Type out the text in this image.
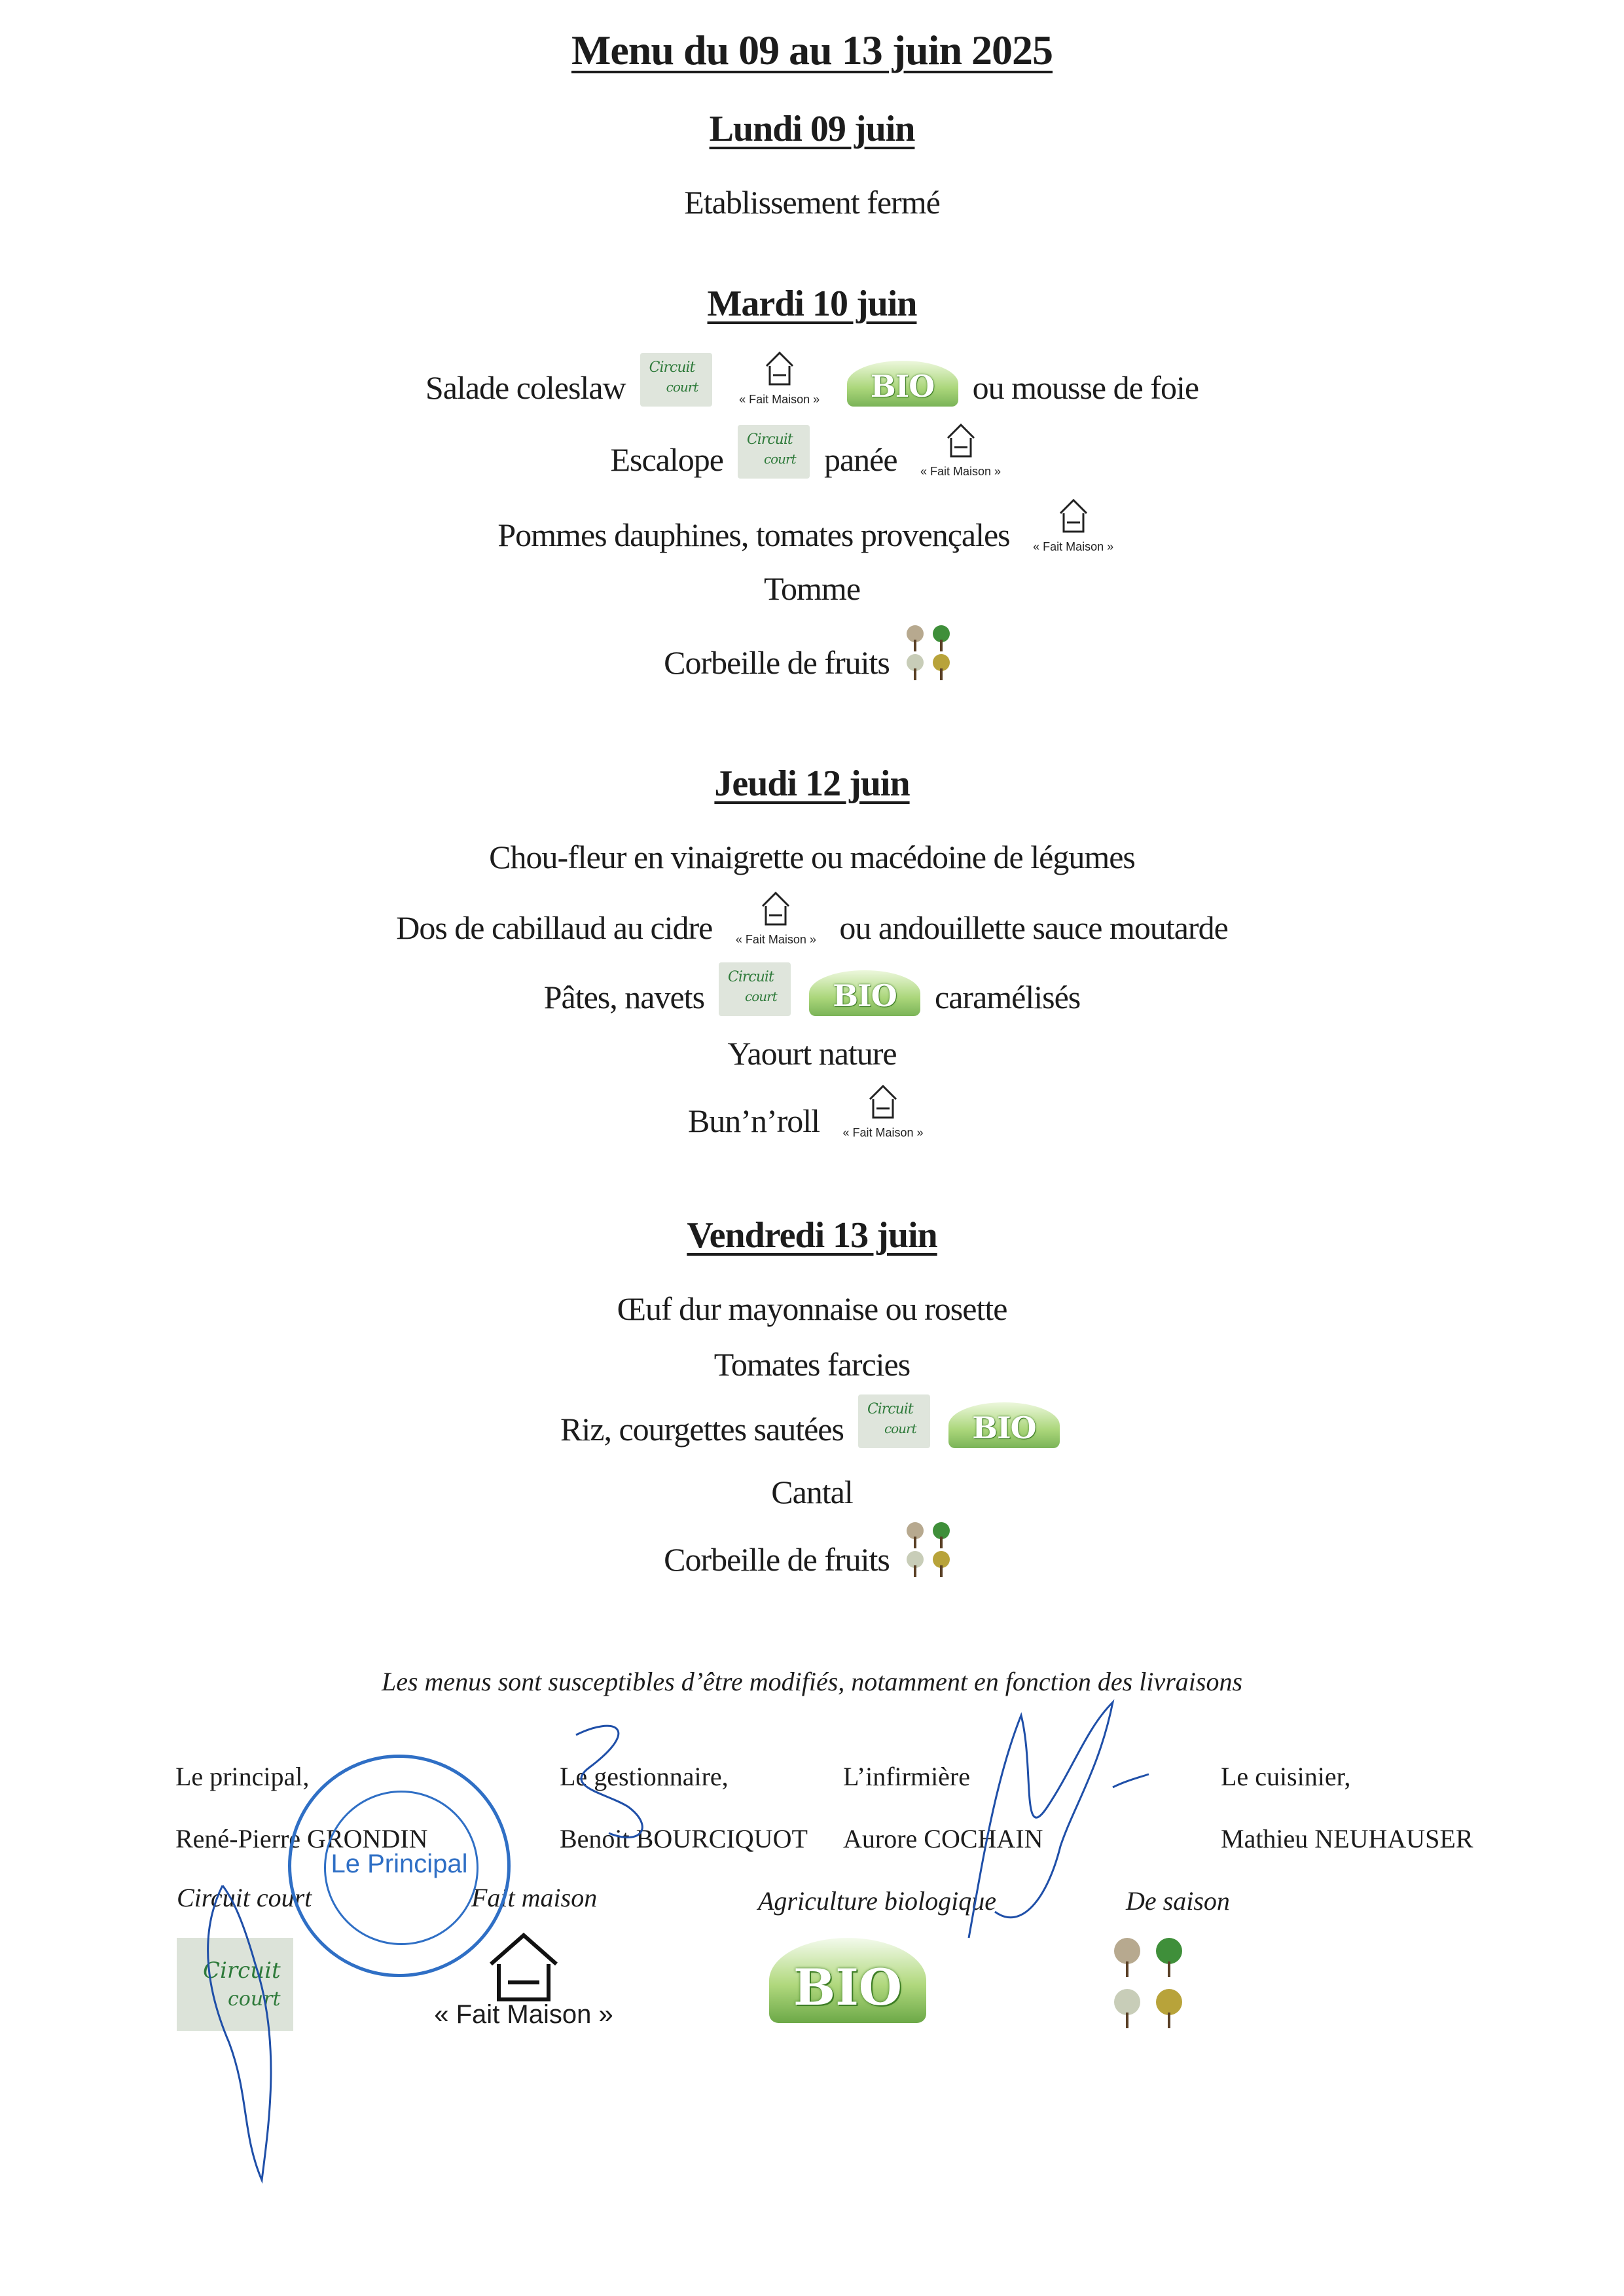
Menu du 09 au 13 juin 2025
Lundi 09 juin
Etablissement fermé
Mardi 10 juin
Salade coleslaw
Circuit
court
« Fait Maison »	BIO	ou mousse de foie
Escalope
Circuit
court panée	« Fait Maison »
Pommes dauphines, tomates provençales	« Fait Maison »
Tomme
Corbeille de fruits
Jeudi 12 juin
Chou-fleur en vinaigrette ou macédoine de légumes
Dos de cabillaud au cidre	« Fait Maison » ou andouillette sauce moutarde
Pâtes, navets
Circuit
court	BIO	caramélisés
Yaourt nature
Bun’n’roll	« Fait Maison »
Vendredi 13 juin
Œuf dur mayonnaise ou rosette
Tomates farcies
Riz, courgettes sautées
Circuit
court	BIO
Cantal
Corbeille de fruits
Les menus sont susceptibles d’être modifiés, notamment en fonction des livraisons
Le principal,
René-Pierre GRONDIN
Le gestionnaire,
Benoit BOURCIQUOT
L’infirmière
Aurore COCHAIN
Le cuisinier,
Mathieu NEUHAUSER
Circuit court	Fait maison	Agriculture biologique	De saison
Circuit
court
« Fait Maison »	BIO
Le Principal
